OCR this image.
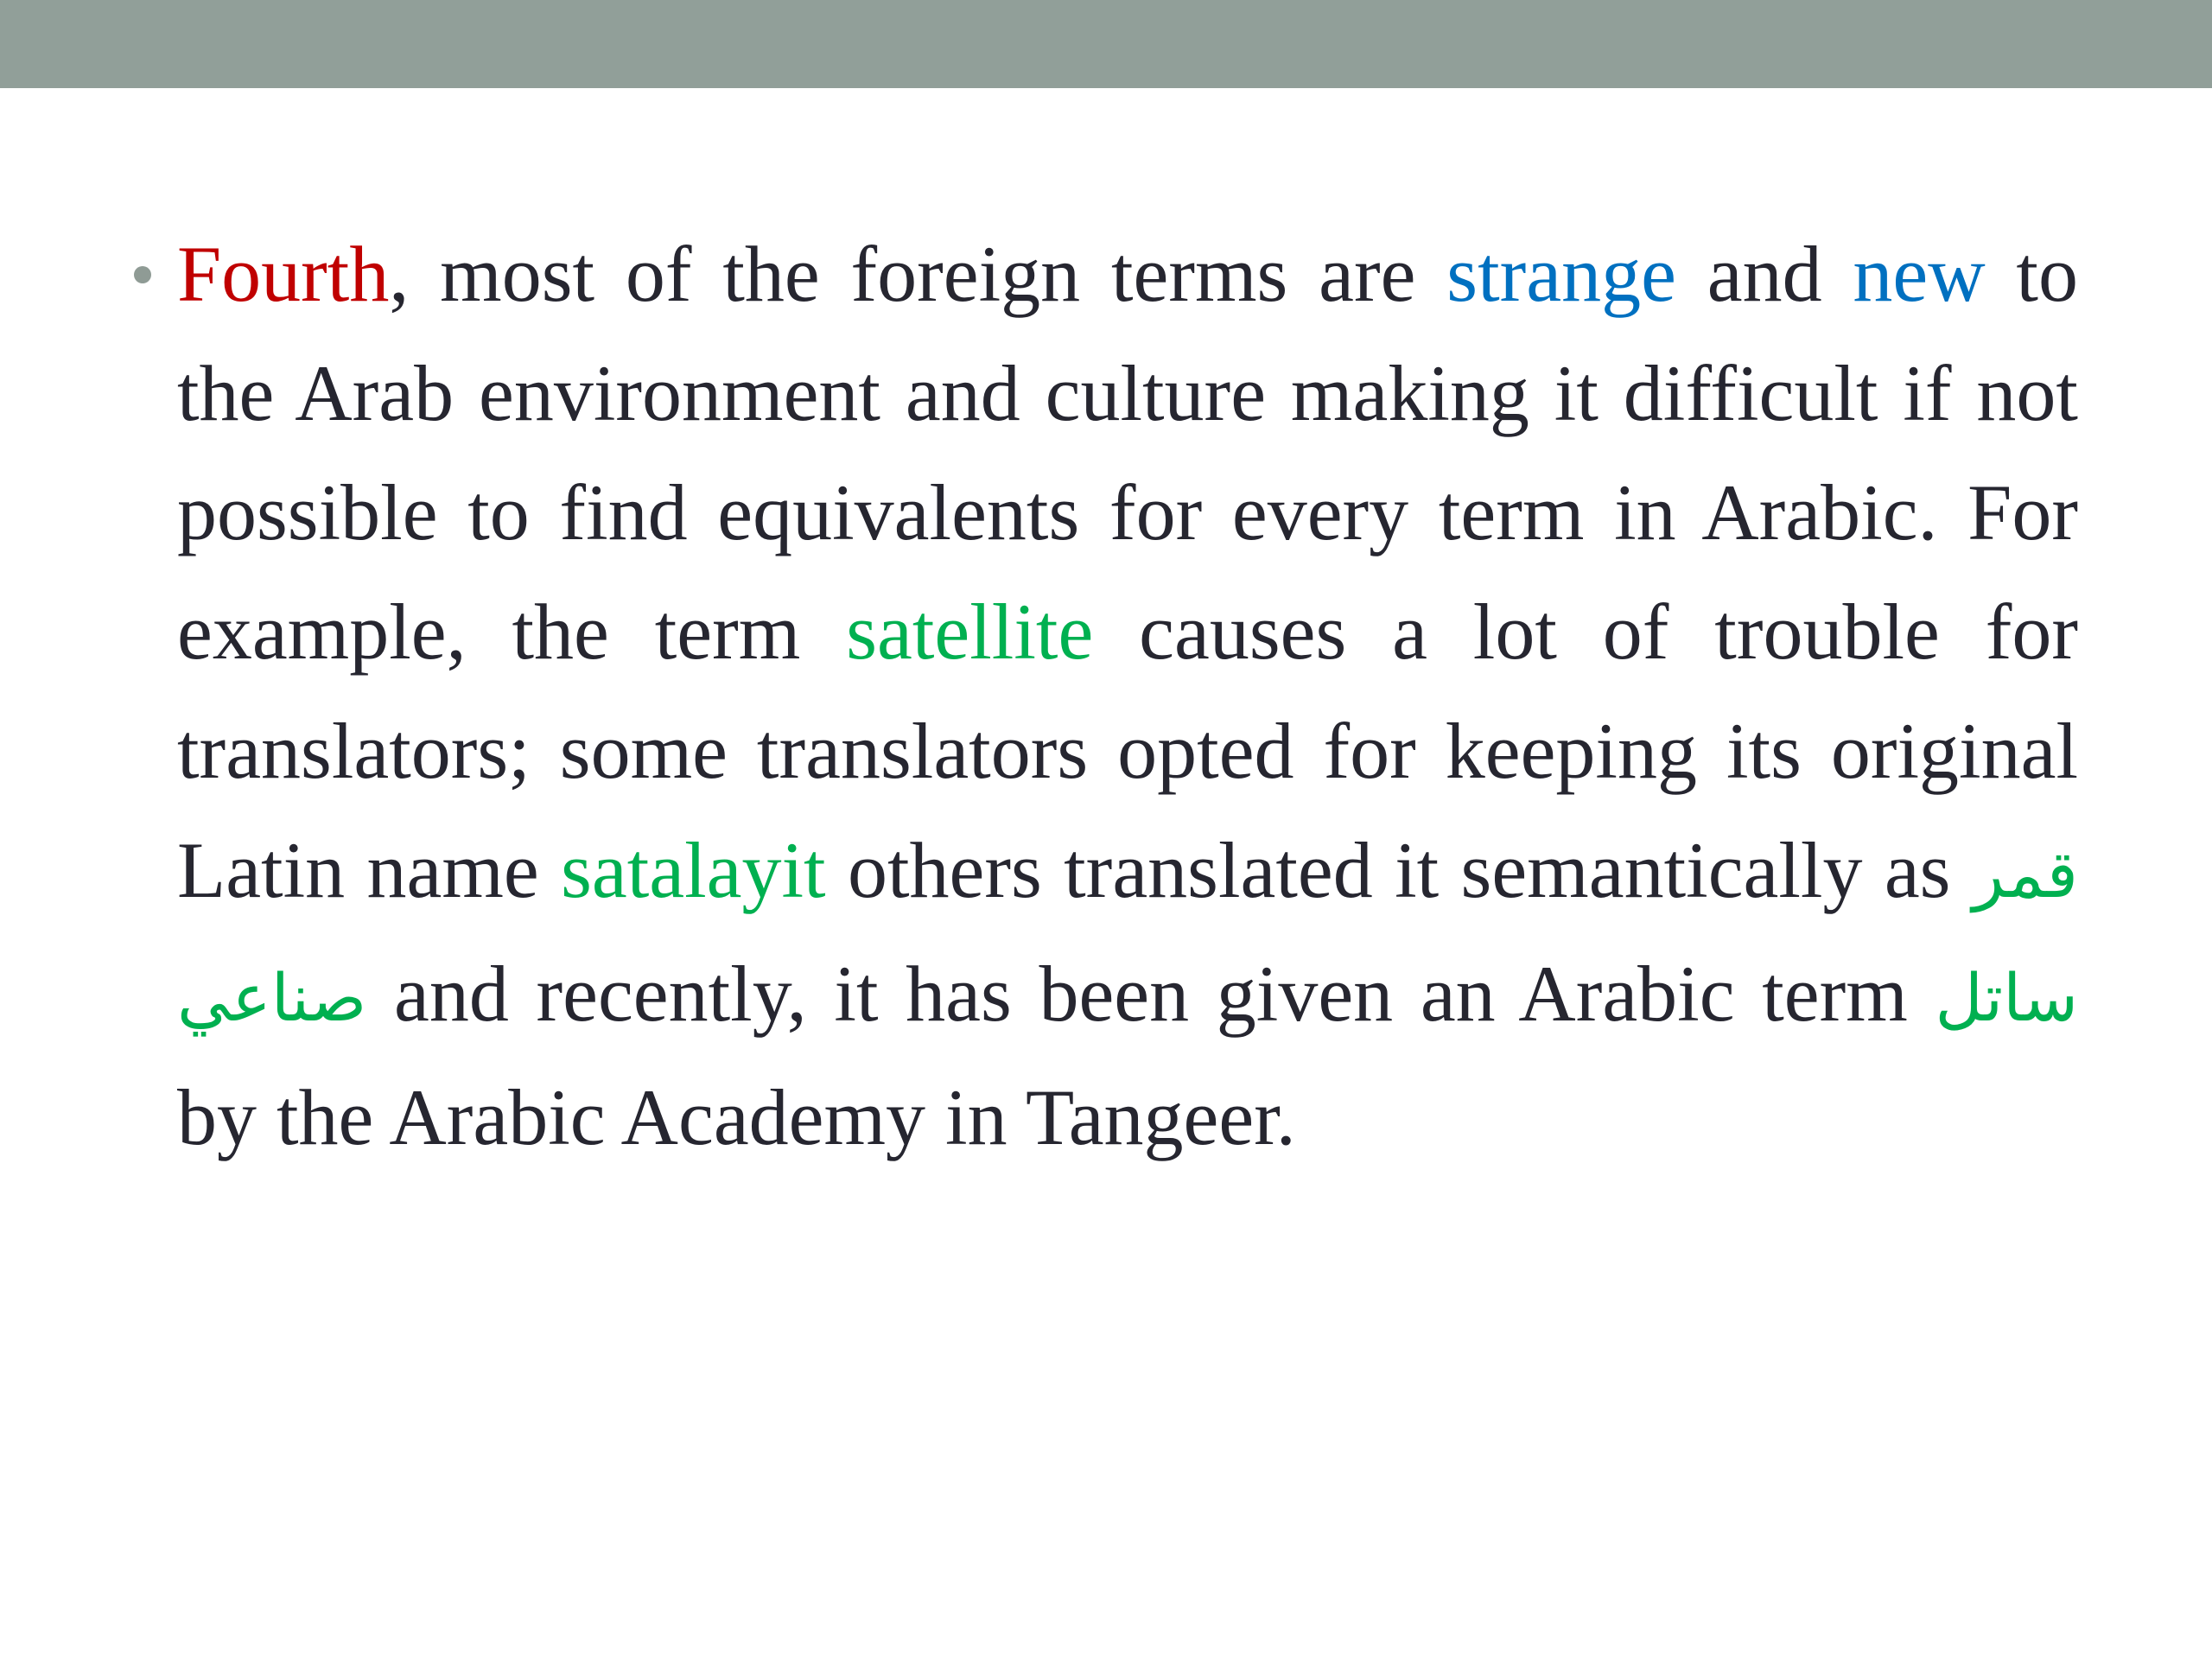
Fourth, most of the foreign terms are strange and new to the Arab environment and culture making it difficult if not possible to find equivalents for every term in Arabic. For example, the term satellite causes a lot of trouble for translators; some translators opted for keeping its original Latin name satalayit others translated it semantically as قمر صناعي and recently, it has been given an Arabic term ساتل by the Arabic Academy in Tangeer.
